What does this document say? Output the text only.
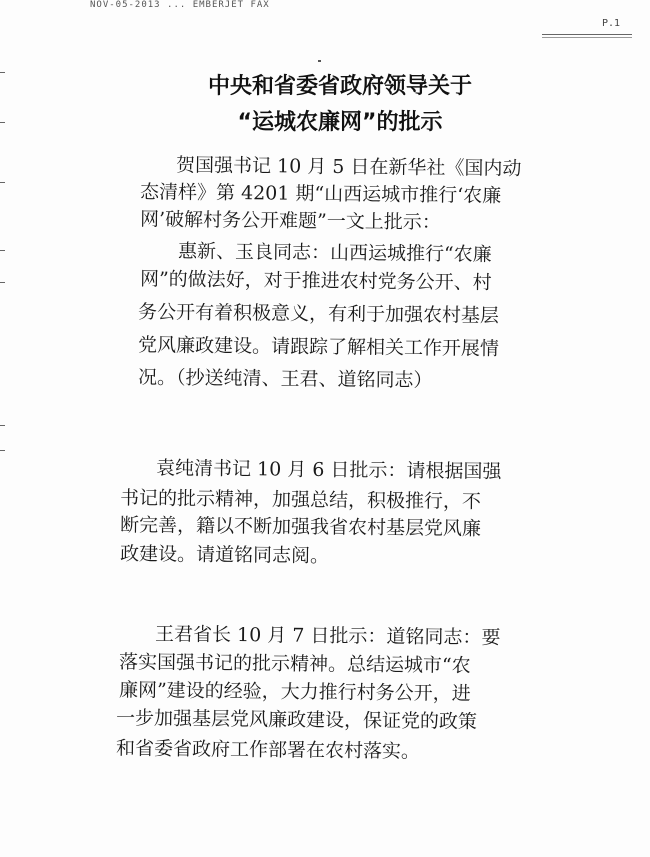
NOV-05-2013 ... EMBERJET FAX
P.1
中央和省委省政府领导关于
“运城农廉网”的批示
贺国强书记 10 月 5 日在新华社《国内动
态清样》第 4201 期“山西运城市推行‘农廉
网’破解村务公开难题”一文上批示：
惠新、玉良同志：山西运城推行“农廉
网”的做法好，对于推进农村党务公开、村
务公开有着积极意义，有利于加强农村基层
党风廉政建设。请跟踪了解相关工作开展情
况。（抄送纯清、王君、道铭同志）
袁纯清书记 10 月 6 日批示：请根据国强
书记的批示精神，加强总结，积极推行，不
断完善，籍以不断加强我省农村基层党风廉
政建设。请道铭同志阅。
王君省长 10 月 7 日批示：道铭同志：要
落实国强书记的批示精神。总结运城市“农
廉网”建设的经验，大力推行村务公开，进
一步加强基层党风廉政建设，保证党的政策
和省委省政府工作部署在农村落实。
